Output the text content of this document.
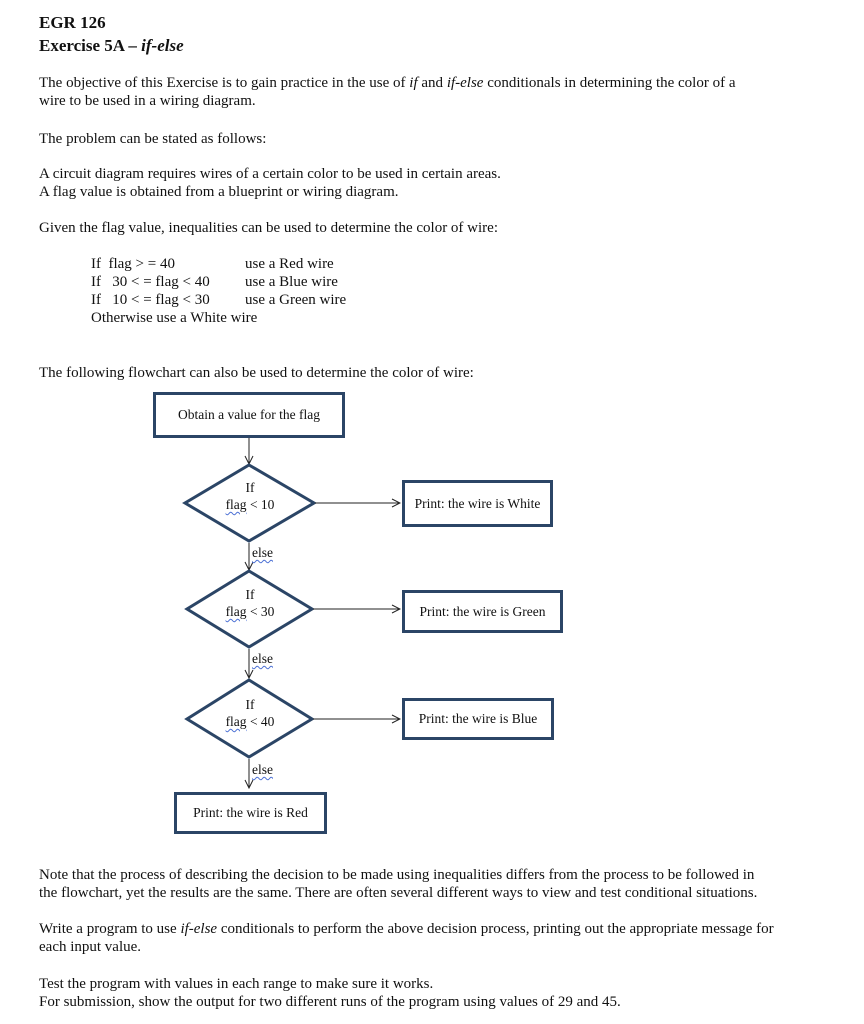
EGR 126
Exercise 5A – if-else
The objective of this Exercise is to gain practice in the use of if and if-else conditionals in determining the color of a
wire to be used in a wiring diagram.
The problem can be stated as follows:
A circuit diagram requires wires of a certain color to be used in certain areas.
A flag value is obtained from a blueprint or wiring diagram.
Given the flag value, inequalities can be used to determine the color of wire:
If  flag > = 40	use a Red wire
If   30 < = flag < 40 use a Blue wire
If   10 < = flag < 30 use a Green wire
Otherwise use a White wire
The following flowchart can also be used to determine the color of wire:
Obtain a value for the flag
If
flag < 10	Print: the wire is White
else
If
flag < 30	Print: the wire is Green
else
If
flag < 40	Print: the wire is Blue
else
Print: the wire is Red
Note that the process of describing the decision to be made using inequalities differs from the process to be followed in
the flowchart, yet the results are the same. There are often several different ways to view and test conditional situations.
Write a program to use if-else conditionals to perform the above decision process, printing out the appropriate message for
each input value.
Test the program with values in each range to make sure it works.
For submission, show the output for two different runs of the program using values of 29 and 45.
